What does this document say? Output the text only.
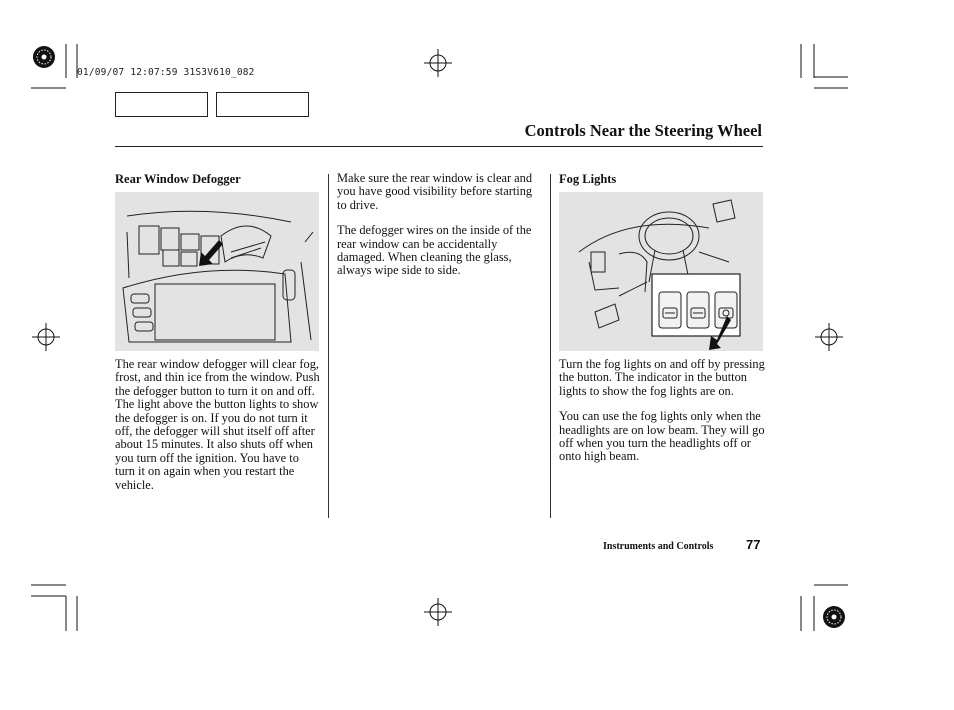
01/09/07 12:07:59 31S3V610_082
Controls Near the Steering Wheel
Rear Window Defogger
The rear window defogger will clear fog, frost, and thin ice from the window. Push the defogger button to turn it on and off. The light above the button lights to show the defogger is on. If you do not turn it off, the defogger will shut itself off after about 15 minutes. It also shuts off when you turn off the ignition. You have to turn it on again when you restart the vehicle.

Make sure the rear window is clear and you have good visibility before starting to drive.

The defogger wires on the inside of the rear window can be accidentally damaged. When cleaning the glass, always wipe side to side.

Fog Lights

Turn the fog lights on and off by pressing the button. The indicator in the button lights to show the fog lights are on.

You can use the fog lights only when the headlights are on low beam. They will go off when you turn the headlights off or onto high beam.

Instruments and Controls	77
